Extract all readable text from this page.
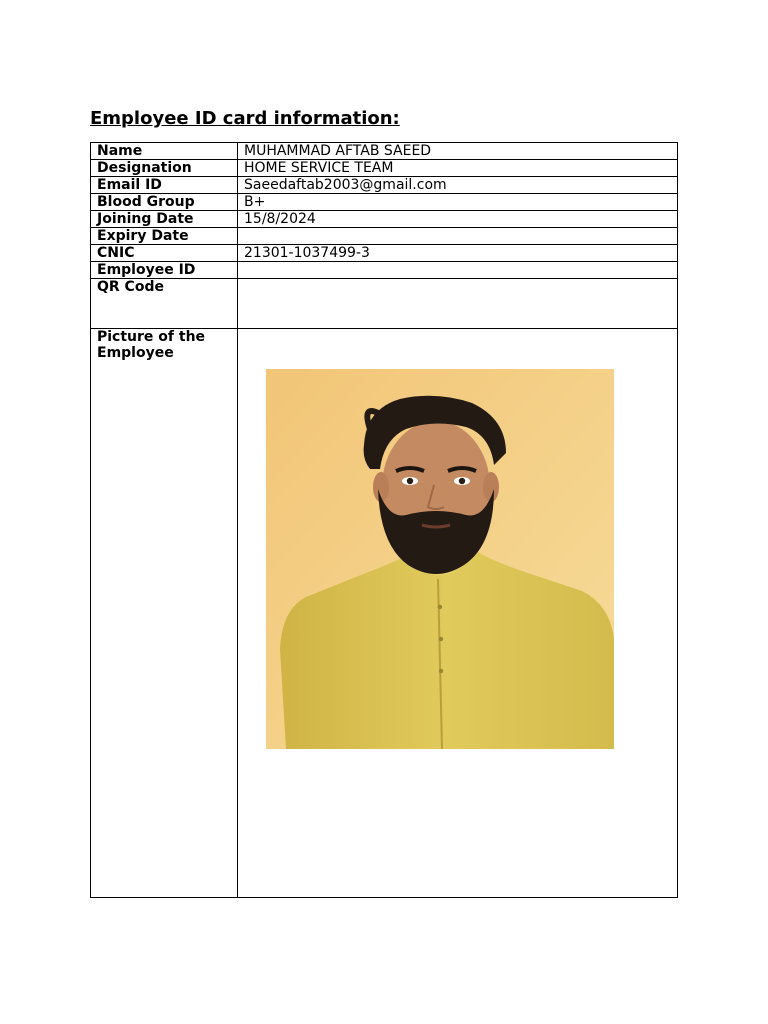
Employee ID card information:
Name	MUHAMMAD AFTAB SAEED
Designation	HOME SERVICE TEAM
Email ID	Saeedaftab2003@gmail.com
Blood Group	B+
Joining Date	15/8/2024
Expiry Date	
CNIC	21301-1037499-3
Employee ID	
QR Code	
Picture of the Employee	
